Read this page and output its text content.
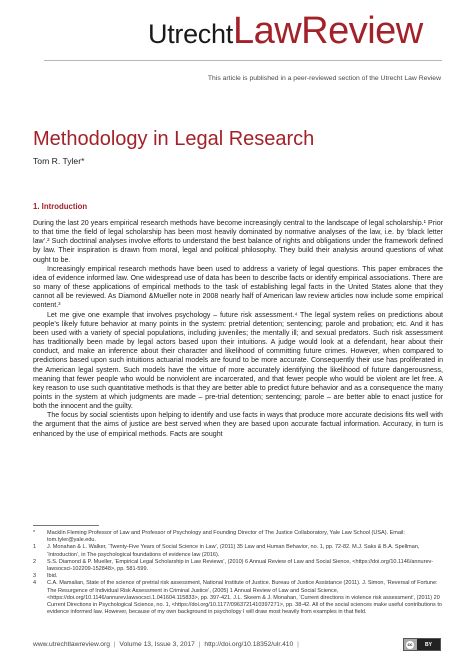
UtrechtLawReview
This article is published in a peer-reviewed section of the Utrecht Law Review
Methodology in Legal Research
Tom R. Tyler*
1. Introduction

During the last 20 years empirical research methods have become increasingly central to the landscape of legal scholarship.¹ Prior to that time the field of legal scholarship has been most heavily dominated by normative analyses of the law, i.e. by ‘black letter law’.² Such doctrinal analyses involve efforts to understand the best balance of rights and obligations under the framework defined by law. Their inspiration is drawn from moral, legal and political philosophy. They build their analysis around questions of what ought to be.

Increasingly empirical research methods have been used to address a variety of legal questions. This paper embraces the idea of evidence informed law. One widespread use of data has been to describe facts or identify empirical associations. There are so many of these applications of empirical methods to the task of establishing legal facts in the United States alone that they cannot all be reviewed. As Diamond &Mueller note in 2008 nearly half of American law review articles now include some empirical content.³

Let me give one example that involves psychology – future risk assessment.⁴ The legal system relies on predictions about people’s likely future behavior at many points in the system: pretrial detention; sentencing; parole and probation; etc. And it has been used with a variety of special populations, including juveniles; the mentally ill; and sexual predators. Such risk assessment has traditionally been made by legal actors based upon their intuitions. A judge would look at a defendant, hear about their conduct, and make an inference about their character and likelihood of committing future crimes. However, when compared to predictions based upon such intuitions actuarial models are found to be more accurate. Consequently their use has proliferated in the American legal system. Such models have the virtue of more accurately identifying the likelihood of future dangerousness, meaning that fewer people who would be nonviolent are incarcerated, and that fewer people who would be violent are let free. A key reason to use such quantitative methods is that they are better able to predict future behavior and as a consequence the many points in the system at which judgments are made – pre-trial detention; sentencing; parole – are better able to enact justice for both the innocent and the guilty.

The focus by social scientists upon helping to identify and use facts in ways that produce more accurate decisions fits well with the argument that the aims of justice are best served when they are based upon accurate factual information. Accuracy, in turn is enhanced by the use of empirical methods. Facts are sought

*	Macklin Fleming Professor of Law and Professor of Psychology and Founding Director of The Justice Collaboratory, Yale Law School (USA). Email: tom.tyler@yale.edu.
1	J. Monahan & L. Walker, ‘Twenty-Five Years of Social Science in Law’, (2011) 35 Law and Human Behavior, no. 1, pp. 72-82. M.J. Saks & B.A. Spellman, ‘Introduction’, in The psychological foundations of evidence law (2016).
2	S.S. Diamond & P. Mueller, ‘Empirical Legal Scholarship in Law Reviews’, (2010) 6 Annual Review of Law and Social Sience, <https://doi.org/10.1146/annurev-lawsocsci-102209-152848>, pp. 581-599.
3	Ibid.
4	C.A. Mamalian, State of the science of pretrial risk assessment, National Institute of Justice. Bureau of Justice Assistance (2011). J. Simon, ‘Reversal of Fortune: The Resurgence of Individual Risk Assessment in Criminal Justice’, (2005) 1 Annual Review of Law and Social Science, <https://doi.org/10.1146/annurev.lawsocsci.1.041604.115833>, pp. 397-421. J.L. Skeem & J. Monahan, ‘Current directions in violence risk assessment’, (2011) 20 Current Directions in Psychological Science, no. 1, <https://doi.org/10.1177/0963721410397271>, pp. 38-42. All of the social sciences make useful contributions to evidence informed law. However, because of my own background in psychology I will draw most heavily from examples in that field.
www.utrechtlawreview.org | Volume 13, Issue 3, 2017 | http://doi.org/10.18352/ulr.410 |	cc	BY
